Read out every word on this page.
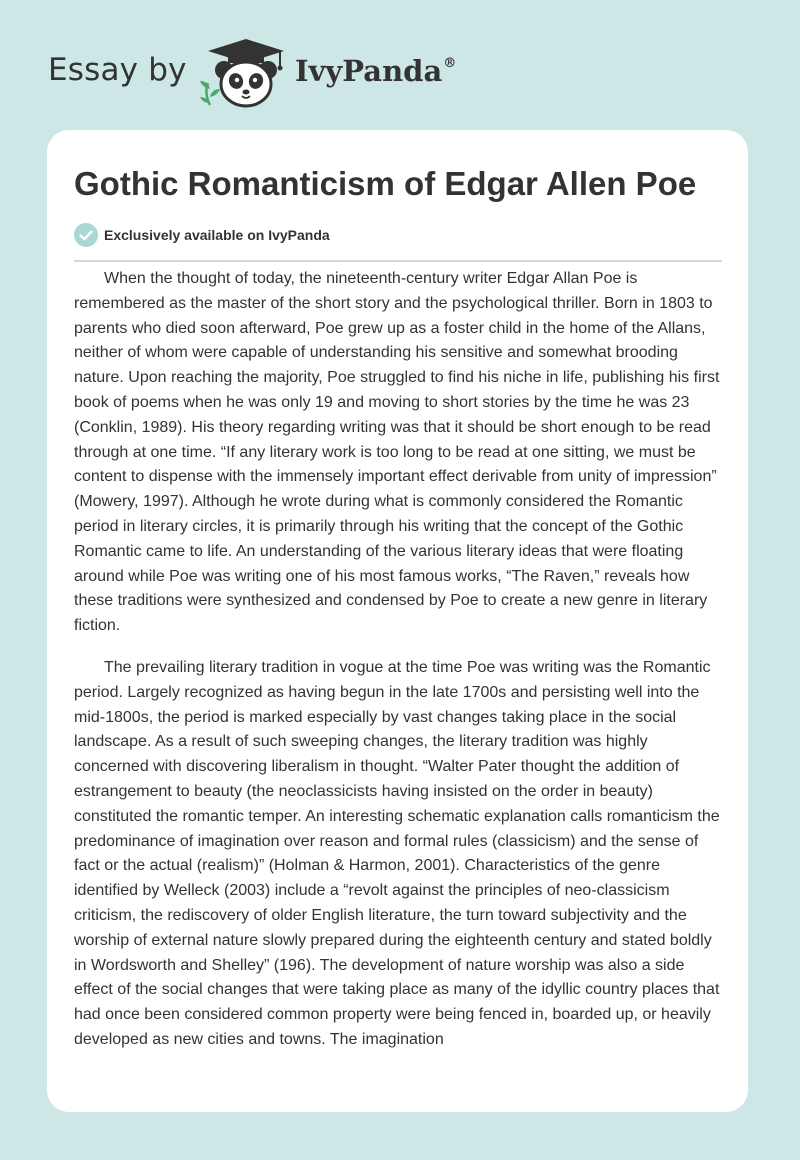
Essay by	IvyPanda®
Gothic Romanticism of Edgar Allen Poe
Exclusively available on IvyPanda

When the thought of today, the nineteenth-century writer Edgar Allan Poe is remembered as the master of the short story and the psychological thriller. Born in 1803 to parents who died soon afterward, Poe grew up as a foster child in the home of the Allans, neither of whom were capable of understanding his sensitive and somewhat brooding nature. Upon reaching the majority, Poe struggled to find his niche in life, publishing his first book of poems when he was only 19 and moving to short stories by the time he was 23 (Conklin, 1989). His theory regarding writing was that it should be short enough to be read through at one time. “If any literary work is too long to be read at one sitting, we must be content to dispense with the immensely important effect derivable from unity of impression” (Mowery, 1997). Although he wrote during what is commonly considered the Romantic period in literary circles, it is primarily through his writing that the concept of the Gothic Romantic came to life. An understanding of the various literary ideas that were floating around while Poe was writing one of his most famous works, “The Raven,” reveals how these traditions were synthesized and condensed by Poe to create a new genre in literary fiction.

The prevailing literary tradition in vogue at the time Poe was writing was the Romantic period. Largely recognized as having begun in the late 1700s and persisting well into the mid-1800s, the period is marked especially by vast changes taking place in the social landscape. As a result of such sweeping changes, the literary tradition was highly concerned with discovering liberalism in thought. “Walter Pater thought the addition of estrangement to beauty (the neoclassicists having insisted on the order in beauty) constituted the romantic temper. An interesting schematic explanation calls romanticism the predominance of imagination over reason and formal rules (classicism) and the sense of fact or the actual (realism)” (Holman & Harmon, 2001). Characteristics of the genre identified by Welleck (2003) include a “revolt against the principles of neo-classicism criticism, the rediscovery of older English literature, the turn toward subjectivity and the worship of external nature slowly prepared during the eighteenth century and stated boldly in Wordsworth and Shelley” (196). The development of nature worship was also a side effect of the social changes that were taking place as many of the idyllic country places that had once been considered common property were being fenced in, boarded up, or heavily developed as new cities and towns. The imagination
